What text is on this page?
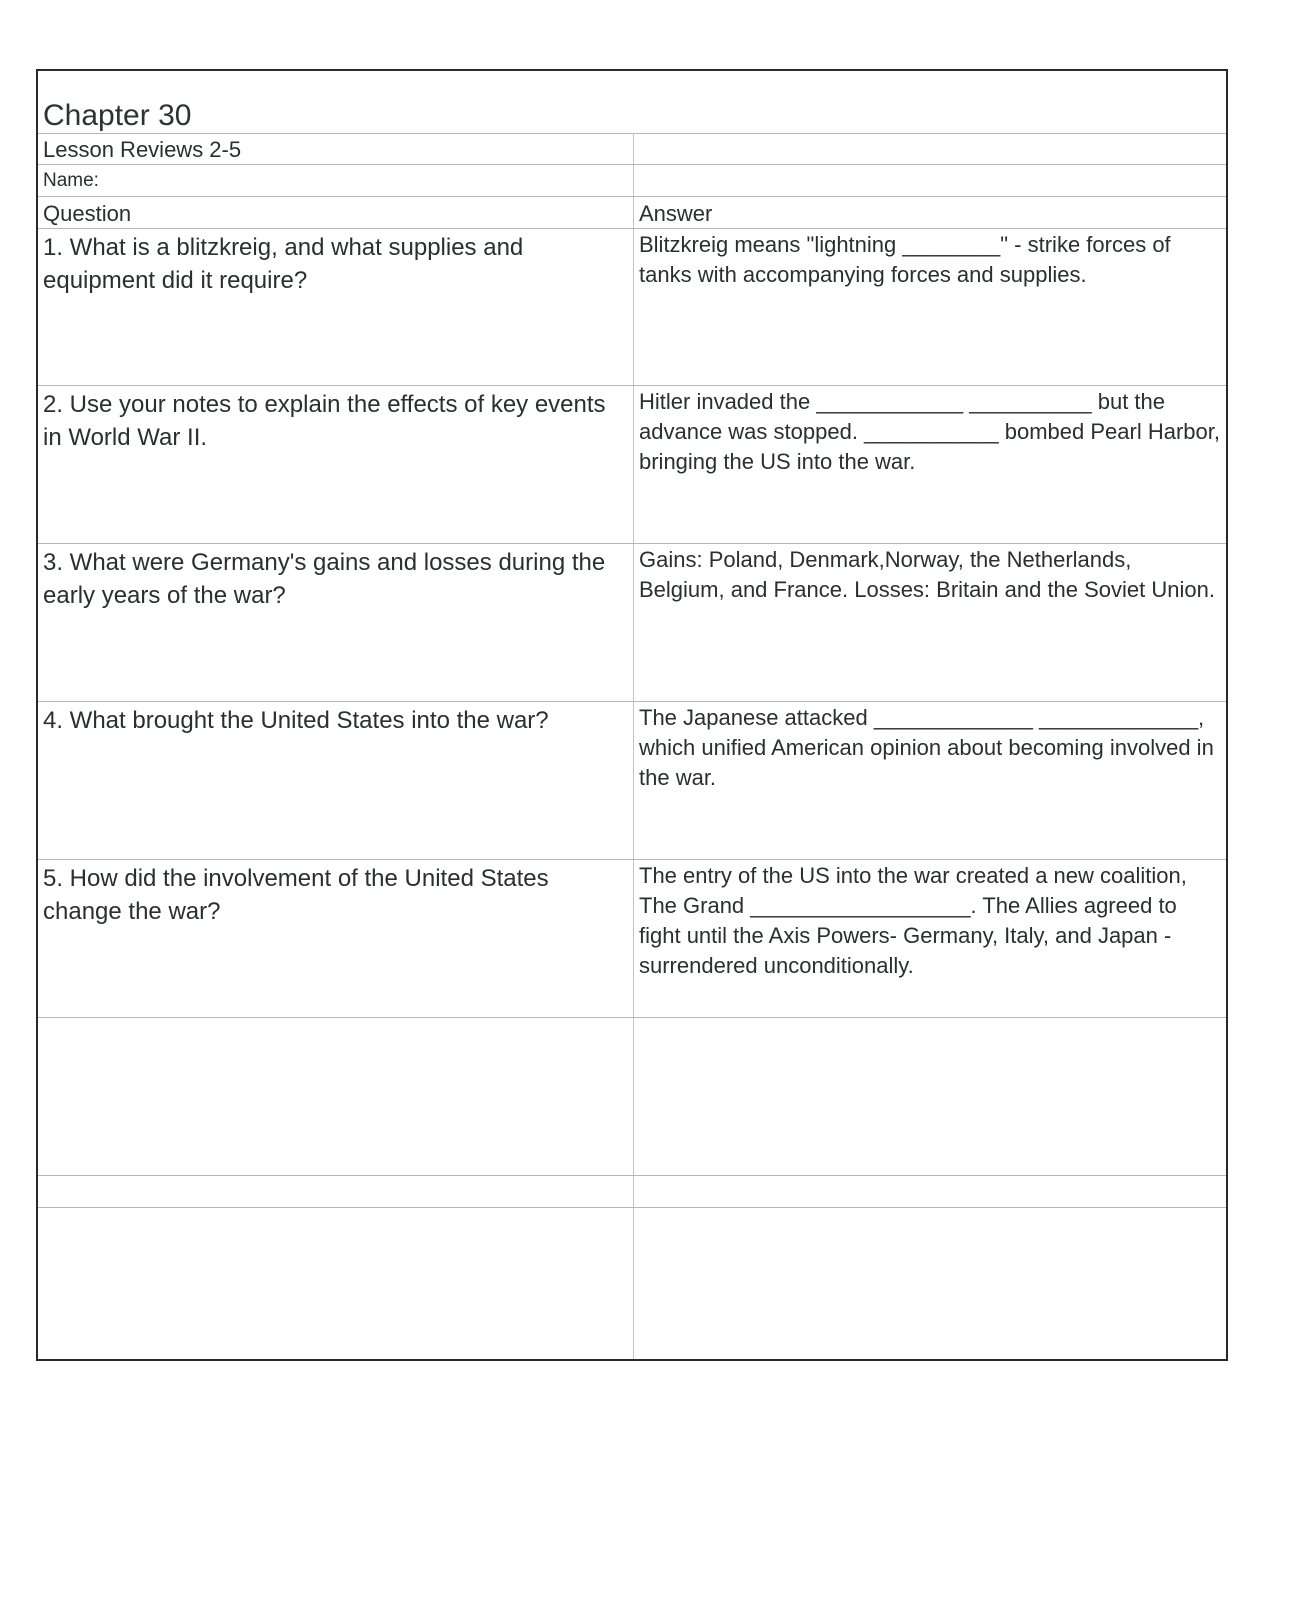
Chapter 30
Lesson Reviews 2-5
Name:
Question	Answer
1. What is a blitzkreig, and what supplies and equipment did it require?
Blitzkreig means "lightning ________" - strike forces of tanks with accompanying forces and supplies.
2. Use your notes to explain the effects of key events in World War II.
Hitler invaded the ____________ __________ but the advance was stopped. ___________ bombed Pearl Harbor, bringing the US into the war.
3. What were Germany's gains and losses during the early years of the war?
Gains: Poland, Denmark,Norway, the Netherlands, Belgium, and France. Losses: Britain and the Soviet Union.
4. What brought the United States into the war?	The Japanese attacked _____________ _____________, which unified American opinion about becoming involved in the war.
5. How did the involvement of the United States change the war?
The entry of the US into the war created a new coalition, The Grand __________________. The Allies agreed to fight until the Axis Powers- Germany, Italy, and Japan - surrendered unconditionally.
